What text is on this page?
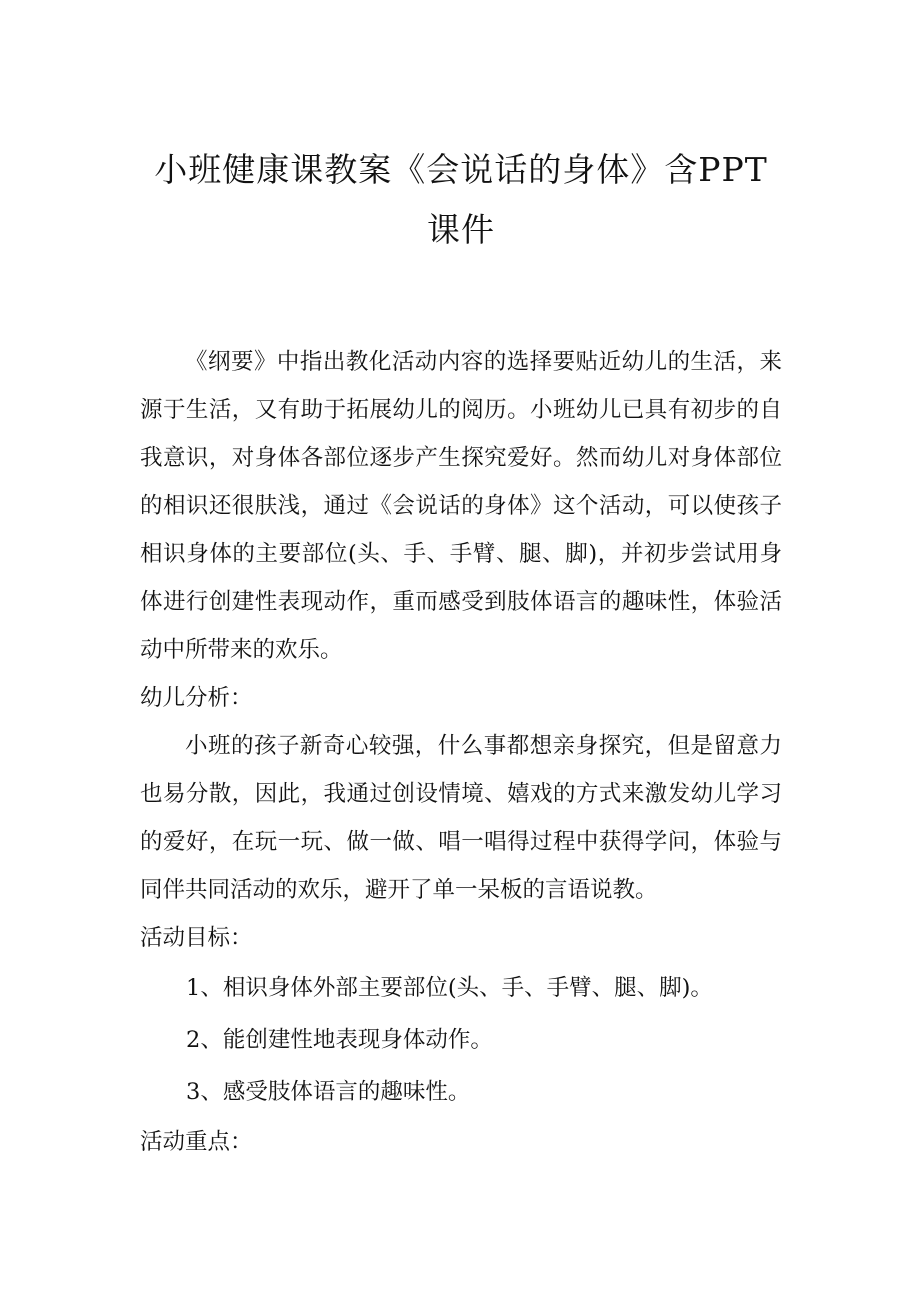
小班健康课教案《会说话的身体》含PPT课件

《纲要》中指出教化活动内容的选择要贴近幼儿的生活，来源于生活，又有助于拓展幼儿的阅历。小班幼儿已具有初步的自我意识，对身体各部位逐步产生探究爱好。然而幼儿对身体部位的相识还很肤浅，通过《会说话的身体》这个活动，可以使孩子相识身体的主要部位(头、手、手臂、腿、脚)，并初步尝试用身体进行创建性表现动作，重而感受到肢体语言的趣味性，体验活动中所带来的欢乐。

幼儿分析：

小班的孩子新奇心较强，什么事都想亲身探究，但是留意力也易分散，因此，我通过创设情境、嬉戏的方式来激发幼儿学习的爱好，在玩一玩、做一做、唱一唱得过程中获得学问，体验与同伴共同活动的欢乐，避开了单一呆板的言语说教。

活动目标：

1、相识身体外部主要部位(头、手、手臂、腿、脚)。

2、能创建性地表现身体动作。

3、感受肢体语言的趣味性。

活动重点：
